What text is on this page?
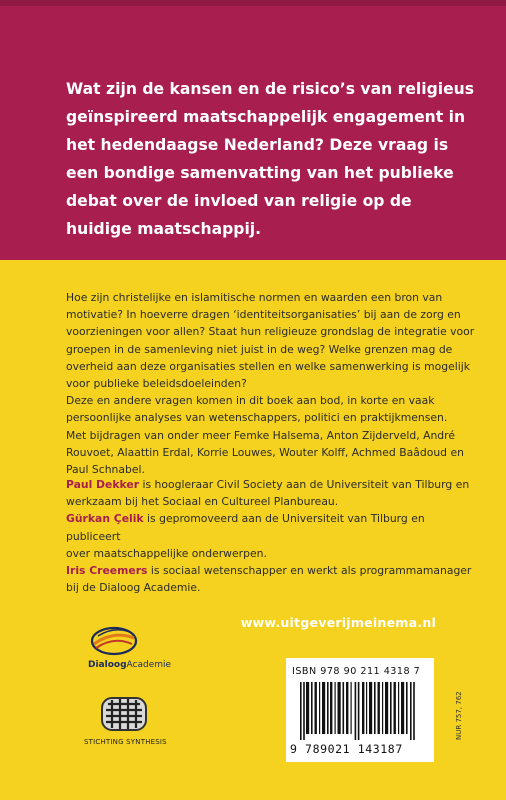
Wat zijn de kansen en de risico’s van religieus
geïnspireerd maatschappelijk engagement in
het hedendaagse Nederland? Deze vraag is
een bondige samenvatting van het publieke
debat over de invloed van religie op de
huidige maatschappij.

Hoe zijn christelijke en islamitische normen en waarden een bron van
motivatie? In hoeverre dragen ‘identiteitsorganisaties’ bij aan de zorg en
voorzieningen voor allen? Staat hun religieuze grondslag de integratie voor
groepen in de samenleving niet juist in de weg? Welke grenzen mag de
overheid aan deze organisaties stellen en welke samenwerking is mogelijk
voor publieke beleidsdoeleinden?

Deze en andere vragen komen in dit boek aan bod, in korte en vaak
persoonlijke analyses van wetenschappers, politici en praktijkmensen.

Met bijdragen van onder meer Femke Halsema, Anton Zijderveld, André
Rouvoet, Alaattin Erdal, Korrie Louwes, Wouter Kolff, Achmed Baâdoud en
Paul Schnabel.

Paul Dekker is hoogleraar Civil Society aan de Universiteit van Tilburg en
werkzaam bij het Sociaal en Cultureel Planbureau.

Gürkan Çelik is gepromoveerd aan de Universiteit van Tilburg en publiceert
over maatschappelijke onderwerpen.

Iris Creemers is sociaal wetenschapper en werkt als programmamanager
bij de Dialoog Academie.

www.uitgeverijmeinema.nl
DialoogAcademie
STICHTING SYNTHESIS
ISBN 978 90 211 4318 7
9 789021 143187
NUR 757, 762
